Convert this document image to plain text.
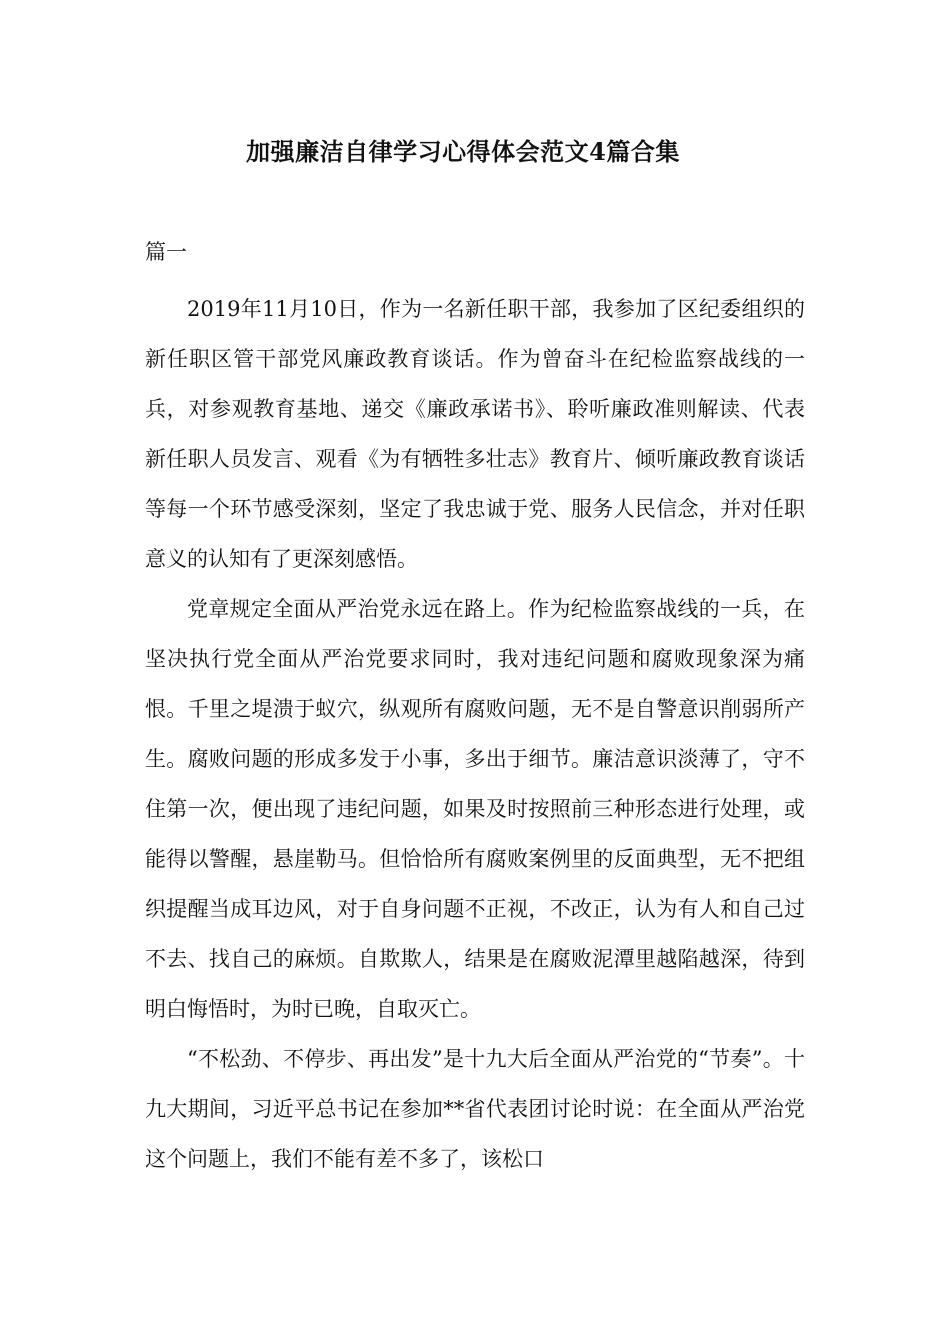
加强廉洁自律学习心得体会范文4篇合集

篇一

2019年11月10日，作为一名新任职干部，我参加了区纪委组织的新任职区管干部党风廉政教育谈话。作为曾奋斗在纪检监察战线的一兵，对参观教育基地、递交《廉政承诺书》、聆听廉政准则解读、代表新任职人员发言、观看《为有牺牲多壮志》教育片、倾听廉政教育谈话等每一个环节感受深刻，坚定了我忠诚于党、服务人民信念，并对任职意义的认知有了更深刻感悟。

党章规定全面从严治党永远在路上。作为纪检监察战线的一兵，在坚决执行党全面从严治党要求同时，我对违纪问题和腐败现象深为痛恨。千里之堤溃于蚁穴，纵观所有腐败问题，无不是自警意识削弱所产生。腐败问题的形成多发于小事，多出于细节。廉洁意识淡薄了，守不住第一次，便出现了违纪问题，如果及时按照前三种形态进行处理，或能得以警醒，悬崖勒马。但恰恰所有腐败案例里的反面典型，无不把组织提醒当成耳边风，对于自身问题不正视，不改正，认为有人和自己过不去、找自己的麻烦。自欺欺人，结果是在腐败泥潭里越陷越深，待到明白悔悟时，为时已晚，自取灭亡。

“不松劲、不停步、再出发”是十九大后全面从严治党的“节奏”。十九大期间，习近平总书记在参加**省代表团讨论时说：在全面从严治党这个问题上，我们不能有差不多了，该松口
